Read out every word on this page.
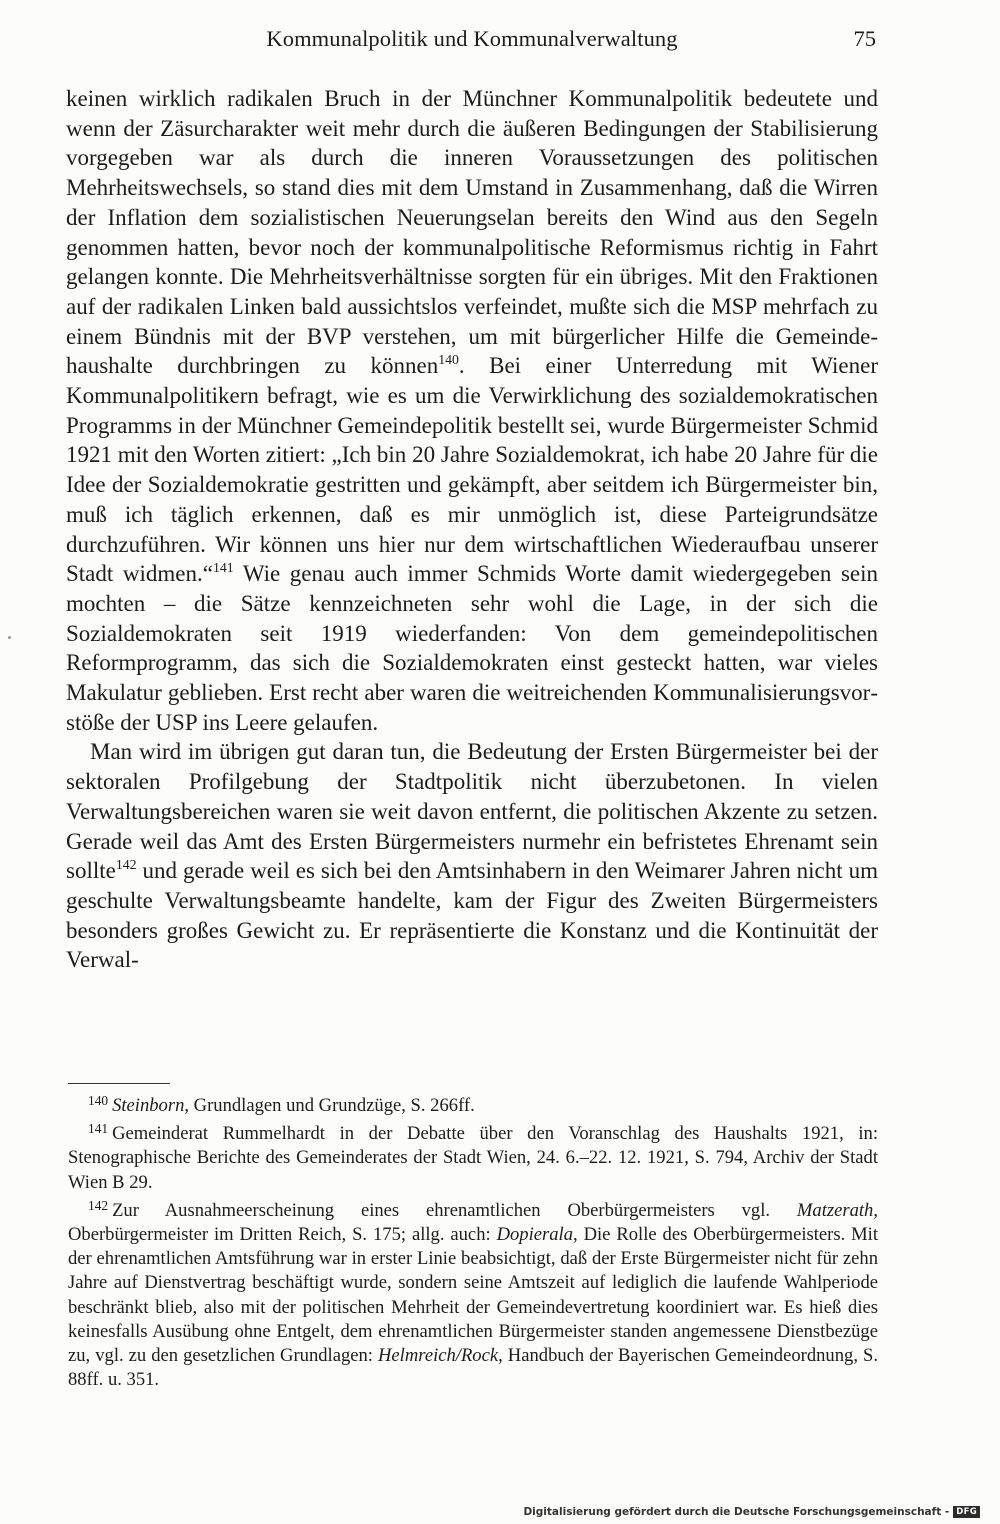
Kommunalpolitik und Kommunalverwaltung	75

keinen wirklich radikalen Bruch in der Münchner Kommunalpolitik bedeutete und wenn der Zäsurcharakter weit mehr durch die äußeren Bedingungen der Stabilisierung vorgegeben war als durch die inneren Voraussetzungen des politischen Mehrheitswechsels, so stand dies mit dem Umstand in Zusammenhang, daß die Wirren der Inflation dem sozialistischen Neuerungselan bereits den Wind aus den Segeln genommen hatten, bevor noch der kommunalpolitische Reformismus richtig in Fahrt gelangen konnte. Die Mehrheitsverhältnisse sorgten für ein übriges. Mit den Fraktionen auf der radikalen Linken bald aussichtslos verfeindet, mußte sich die MSP mehrfach zu einem Bündnis mit der BVP verstehen, um mit bürgerlicher Hilfe die Gemeindehaushalte durchbringen zu können$^{140}$. Bei einer Unterredung mit Wiener Kommunalpolitikern befragt, wie es um die Verwirklichung des sozialdemokratischen Programms in der Münchner Gemeindepolitik bestellt sei, wurde Bürgermeister Schmid 1921 mit den Worten zitiert: „Ich bin 20 Jahre Sozialdemokrat, ich habe 20 Jahre für die Idee der Sozialdemokratie gestritten und gekämpft, aber seitdem ich Bürgermeister bin, muß ich täglich erkennen, daß es mir unmöglich ist, diese Parteigrundsätze durchzuführen. Wir können uns hier nur dem wirtschaftlichen Wiederaufbau unserer Stadt widmen.“$^{141}$ Wie genau auch immer Schmids Worte damit wiedergegeben sein mochten – die Sätze kennzeichneten sehr wohl die Lage, in der sich die Sozialdemokraten seit 1919 wiederfanden: Von dem gemeindepolitischen Reformprogramm, das sich die Sozialdemokraten einst gesteckt hatten, war vieles Makulatur geblieben. Erst recht aber waren die weitreichenden Kommunalisierungsvorstöße der USP ins Leere gelaufen.

Man wird im übrigen gut daran tun, die Bedeutung der Ersten Bürgermeister bei der sektoralen Profilgebung der Stadtpolitik nicht überzubetonen. In vielen Verwaltungsbereichen waren sie weit davon entfernt, die politischen Akzente zu setzen. Gerade weil das Amt des Ersten Bürgermeisters nurmehr ein befristetes Ehrenamt sein sollte$^{142}$ und gerade weil es sich bei den Amtsinhabern in den Weimarer Jahren nicht um geschulte Verwaltungsbeamte handelte, kam der Figur des Zweiten Bürgermeisters besonders großes Gewicht zu. Er repräsentierte die Konstanz und die Kontinuität der Verwal-

$^{140}$ Steinborn, Grundlagen und Grundzüge, S. 266ff.

$^{141}$ Gemeinderat Rummelhardt in der Debatte über den Voranschlag des Haushalts 1921, in: Stenographische Berichte des Gemeinderates der Stadt Wien, 24. 6.–22. 12. 1921, S. 794, Archiv der Stadt Wien B 29.

$^{142}$ Zur Ausnahmeerscheinung eines ehrenamtlichen Oberbürgermeisters vgl. Matzerath, Oberbürgermeister im Dritten Reich, S. 175; allg. auch: Dopierala, Die Rolle des Oberbürgermeisters. Mit der ehrenamtlichen Amtsführung war in erster Linie beabsichtigt, daß der Erste Bürgermeister nicht für zehn Jahre auf Dienstvertrag beschäftigt wurde, sondern seine Amtszeit auf lediglich die laufende Wahlperiode beschränkt blieb, also mit der politischen Mehrheit der Gemeindevertretung koordiniert war. Es hieß dies keinesfalls Ausübung ohne Entgelt, dem ehrenamtlichen Bürgermeister standen angemessene Dienstbezüge zu, vgl. zu den gesetzlichen Grundlagen: Helmreich/Rock, Handbuch der Bayerischen Gemeindeordnung, S. 88ff. u. 351.

Digitalisierung gefördert durch die Deutsche Forschungsgemeinschaft - DFG
